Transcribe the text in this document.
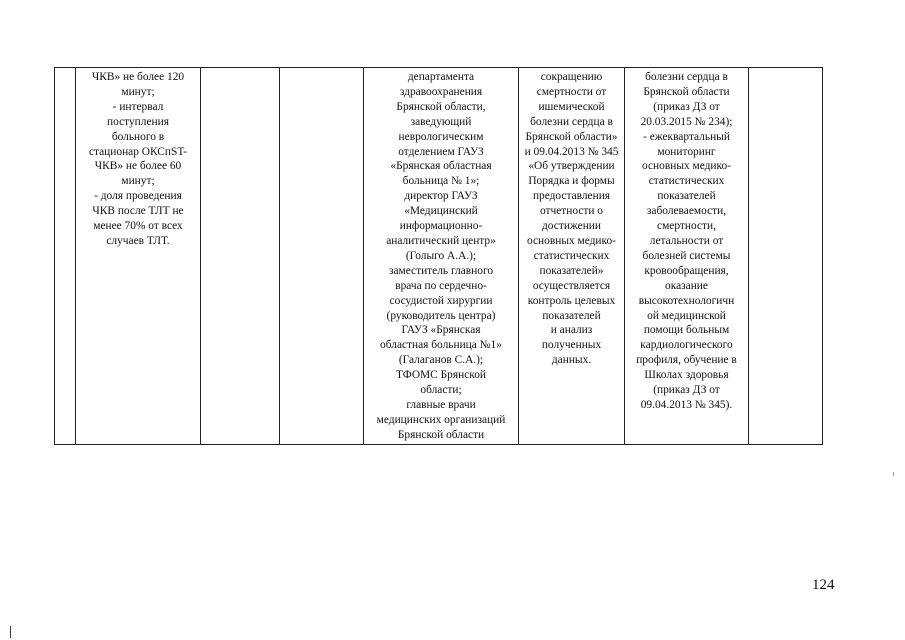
	ЧКВ» не более 120
минут;
- интервал
поступления
больного в
стационар ОКСпST-
ЧКВ» не более 60
минут;
- доля проведения
ЧКВ после ТЛТ не
менее 70% от всех
случаев ТЛТ.			департамента
здравоохранения
Брянской области,
заведующий
неврологическим
отделением ГАУЗ
«Брянская областная
больница № 1»;
директор ГАУЗ
«Медицинский
информационно-
аналитический центр»
(Голыго А.А.);
заместитель главного
врача по сердечно-
сосудистой хирургии
(руководитель центра)
ГАУЗ «Брянская
областная больница №1»
(Галаганов С.А.);
ТФОМС Брянской
области;
главные врачи
медицинских организаций
Брянской области	сокращению
смертности от
ишемической
болезни сердца в
Брянской области»
и 09.04.2013 № 345
«Об утверждении
Порядка и формы
предоставления
отчетности о
достижении
основных медико-
статистических
показателей»
осуществляется
контроль целевых
показателей
и анализ
полученных
данных.	болезни сердца в
Брянской области
(приказ ДЗ от
20.03.2015 № 234);
- ежеквартальный
мониторинг
основных медико-
статистических
показателей
заболеваемости,
смертности,
летальности от
болезней системы
кровообращения,
оказание
высокотехнологичн
ой медицинской
помощи больным
кардиологического
профиля, обучение в
Школах здоровья
(приказ ДЗ от
09.04.2013 № 345).	
124
